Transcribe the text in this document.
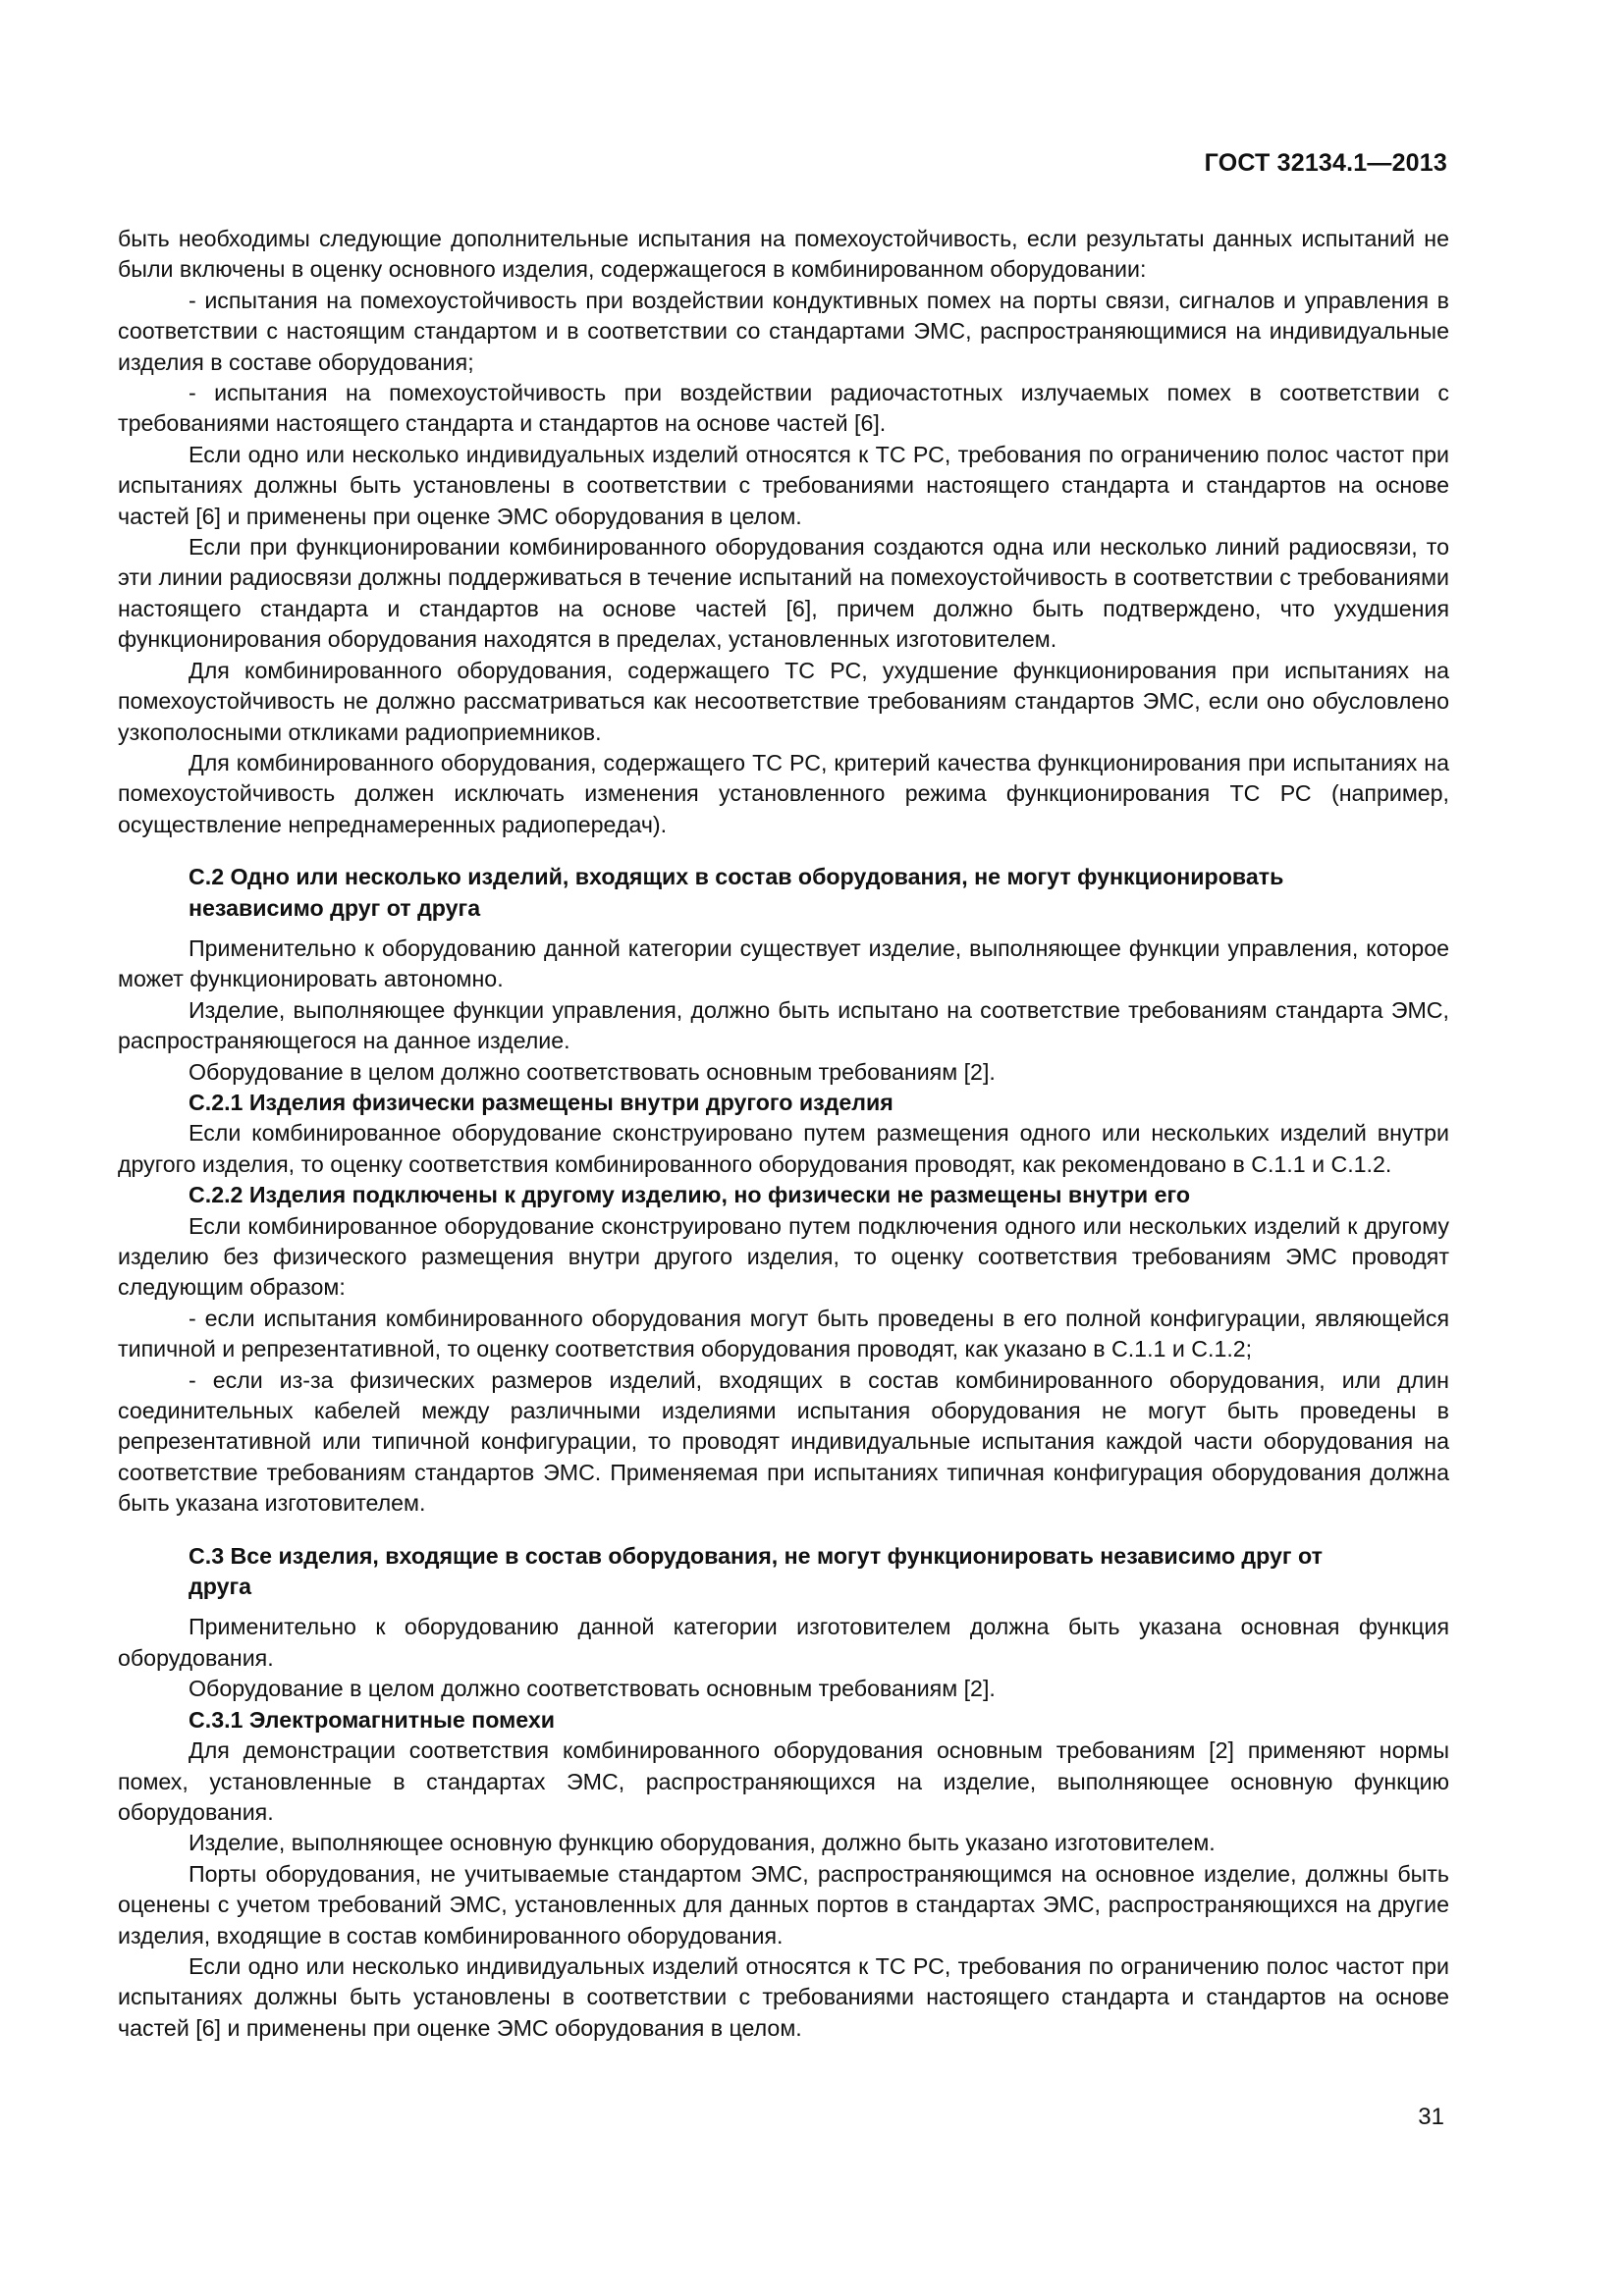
ГОСТ 32134.1—2013

быть необходимы следующие дополнительные испытания на помехоустойчивость, если результаты данных испытаний не были включены в оценку основного изделия, содержащегося в комбинированном оборудовании:

- испытания на помехоустойчивость при воздействии кондуктивных помех на порты связи, сигналов и управления в соответствии с настоящим стандартом и в соответствии со стандартами ЭМС, распространяющимися на индивидуальные изделия в составе оборудования;

- испытания на помехоустойчивость при воздействии радиочастотных излучаемых помех в соответствии с требованиями настоящего стандарта и стандартов на основе частей [6].

Если одно или несколько индивидуальных изделий относятся к ТС РС, требования по ограничению полос частот при испытаниях должны быть установлены в соответствии с требованиями настоящего стандарта и стандартов на основе частей [6] и применены при оценке ЭМС оборудования в целом.

Если при функционировании комбинированного оборудования создаются одна или несколько линий радиосвязи, то эти линии радиосвязи должны поддерживаться в течение испытаний на помехоустойчивость в соответствии с требованиями настоящего стандарта и стандартов на основе частей [6], причем должно быть подтверждено, что ухудшения функционирования оборудования находятся в пределах, установленных изготовителем.

Для комбинированного оборудования, содержащего ТС РС, ухудшение функционирования при испытаниях на помехоустойчивость не должно рассматриваться как несоответствие требованиям стандартов ЭМС, если оно обусловлено узкополосными откликами радиоприемников.

Для комбинированного оборудования, содержащего ТС РС, критерий качества функционирования при испытаниях на помехоустойчивость должен исключать изменения установленного режима функционирования ТС РС (например, осуществление непреднамеренных радиопередач).

С.2 Одно или несколько изделий, входящих в состав оборудования, не могут функционировать независимо друг от друга

Применительно к оборудованию данной категории существует изделие, выполняющее функции управления, которое может функционировать автономно.

Изделие, выполняющее функции управления, должно быть испытано на соответствие требованиям стандарта ЭМС, распространяющегося на данное изделие.

Оборудование в целом должно соответствовать основным требованиям [2].

С.2.1 Изделия физически размещены внутри другого изделия

Если комбинированное оборудование сконструировано путем размещения одного или нескольких изделий внутри другого изделия, то оценку соответствия комбинированного оборудования проводят, как рекомендовано в С.1.1 и С.1.2.

С.2.2 Изделия подключены к другому изделию, но физически не размещены внутри его

Если комбинированное оборудование сконструировано путем подключения одного или нескольких изделий к другому изделию без физического размещения внутри другого изделия, то оценку соответствия требованиям ЭМС проводят следующим образом:

- если испытания комбинированного оборудования могут быть проведены в его полной конфигурации, являющейся типичной и репрезентативной, то оценку соответствия оборудования проводят, как указано в С.1.1 и С.1.2;

- если из-за физических размеров изделий, входящих в состав комбинированного оборудования, или длин соединительных кабелей между различными изделиями испытания оборудования не могут быть проведены в репрезентативной или типичной конфигурации, то проводят индивидуальные испытания каждой части оборудования на соответствие требованиям стандартов ЭМС. Применяемая при испытаниях типичная конфигурация оборудования должна быть указана изготовителем.

С.3 Все изделия, входящие в состав оборудования, не могут функционировать независимо друг от друга

Применительно к оборудованию данной категории изготовителем должна быть указана основная функция оборудования.

Оборудование в целом должно соответствовать основным требованиям [2].

С.3.1 Электромагнитные помехи

Для демонстрации соответствия комбинированного оборудования основным требованиям [2] применяют нормы помех, установленные в стандартах ЭМС, распространяющихся на изделие, выполняющее основную функцию оборудования.

Изделие, выполняющее основную функцию оборудования, должно быть указано изготовителем.

Порты оборудования, не учитываемые стандартом ЭМС, распространяющимся на основное изделие, должны быть оценены с учетом требований ЭМС, установленных для данных портов в стандартах ЭМС, распространяющихся на другие изделия, входящие в состав комбинированного оборудования.

Если одно или несколько индивидуальных изделий относятся к ТС РС, требования по ограничению полос частот при испытаниях должны быть установлены в соответствии с требованиями настоящего стандарта и стандартов на основе частей [6] и применены при оценке ЭМС оборудования в целом.

31
